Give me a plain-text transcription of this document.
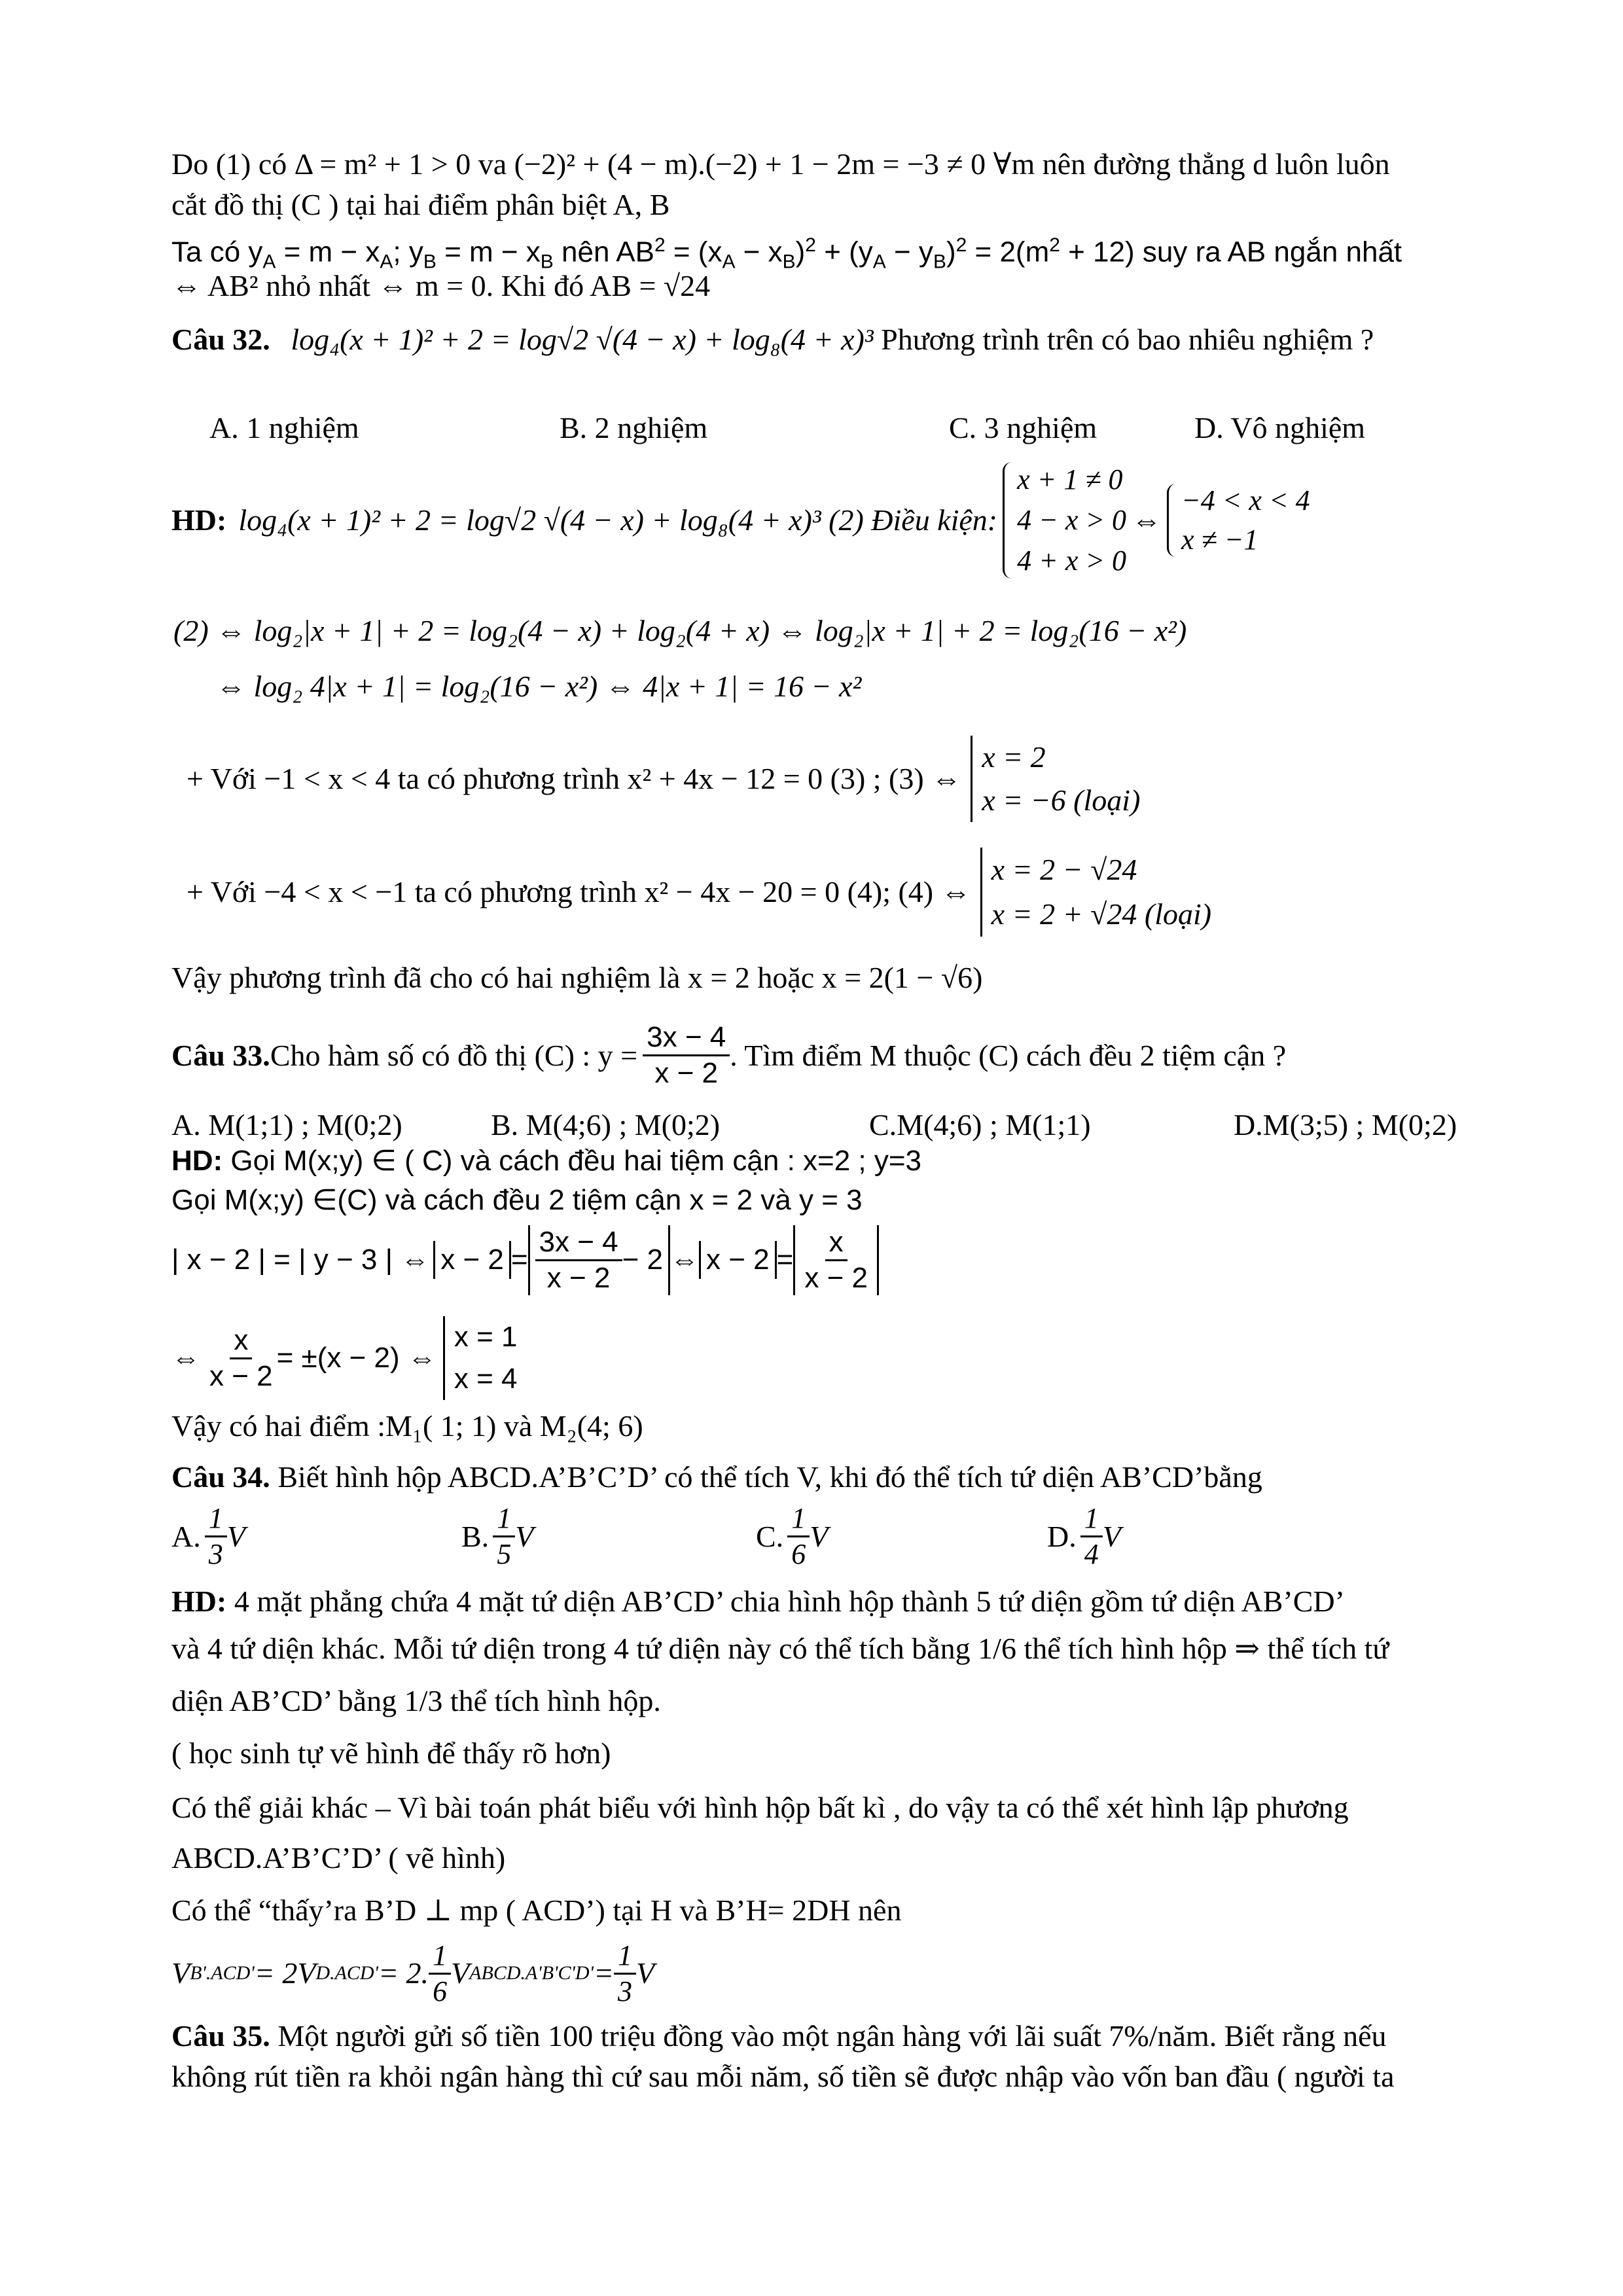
Do (1) có Δ = m² + 1 > 0 va (−2)² + (4 − m).(−2) + 1 − 2m = −3 ≠ 0 ∀m nên đường thẳng d luôn luôn
cắt đồ thị (C ) tại hai điểm phân biệt A, B
Ta có $y_A = m - x_A$; $y_B = m - x_B$ nên $AB^2 = (x_A - x_B)^2 + (y_A - y_B)^2 = 2(m^2 + 12)$ suy ra AB ngắn nhất
⇔ AB² nhỏ nhất ⇔ m = 0. Khi đó AB = √24
Câu 32. log₄(x + 1)² + 2 = log√2 √(4 − x) + log₈(4 + x)³ Phương trình trên có bao nhiêu nghiệm ?
A. 1 nghiệm	B. 2 nghiệm	C. 3 nghiệm	D. Vô nghiệm
HD: log₄(x + 1)² + 2 = log√2 √(4 − x) + log₈(4 + x)³ (2) Điều kiện:
x + 1 ≠ 0
4 − x > 0
4 + x > 0
⇔
−4 < x < 4
x ≠ −1
(2) ⇔ log₂|x + 1| + 2 = log₂(4 − x) + log₂(4 + x) ⇔ log₂|x + 1| + 2 = log₂(16 − x²)
⇔ log₂ 4|x + 1| = log₂(16 − x²) ⇔ 4|x + 1| = 16 − x²
+ Với −1 < x < 4 ta có phương trình x² + 4x − 12 = 0 (3) ; (3) ⇔
x = 2
x = −6 (loại)
+ Với −4 < x < −1 ta có phương trình x² − 4x − 20 = 0 (4); (4) ⇔
x = 2 − √24
x = 2 + √24 (loại)
Vậy phương trình đã cho có hai nghiệm là x = 2 hoặc x = 2(1 − √6)
Câu 33. Cho hàm số có đồ thị (C) : $y = \frac{3x - 4}{x - 2}$ . Tìm điểm M thuộc (C) cách đều 2 tiệm cận ?
A. M(1;1) ; M(0;2)	B. M(4;6) ; M(0;2)	C.M(4;6) ; M(1;1)	D.M(3;5) ; M(0;2)
HD: Gọi M(x;y) ∈ ( C) và cách đều hai tiệm cận : x=2 ; y=3
Gọi M(x;y) ∈(C) và cách đều 2 tiệm cận x = 2 và y = 3
| x − 2 | = | y − 3 | ⇔ $x - 2 = \frac{3x - 4}{x - 2} - 2$ ⇔ $x - 2 = \frac{x}{x - 2}$
⇔ $\frac{x}{x - 2} = \pm(x - 2)$ ⇔
x = 1
x = 4
Vậy có hai điểm :M₁( 1; 1) và M₂(4; 6)
Câu 34. Biết hình hộp ABCD.A’B’C’D’ có thể tích V, khi đó thể tích tứ diện AB’CD’bằng
A. $\frac{1}{3}$ V	B. $\frac{1}{5}$ V	C. $\frac{1}{6}$ V	D. $\frac{1}{4}$ V
HD: 4 mặt phẳng chứa 4 mặt tứ diện AB’CD’ chia hình hộp thành 5 tứ diện gồm tứ diện AB’CD’
và 4 tứ diện khác. Mỗi tứ diện trong 4 tứ diện này có thể tích bằng 1/6 thể tích hình hộp ⇒ thể tích tứ
diện AB’CD’ bằng 1/3 thể tích hình hộp.
( học sinh tự vẽ hình để thấy rõ hơn)
Có thể giải khác – Vì bài toán phát biểu với hình hộp bất kì , do vậy ta có thể xét hình lập phương
ABCD.A’B’C’D’ ( vẽ hình)
Có thể “thấy’ra B’D ⊥ mp ( ACD’) tại H và B’H= 2DH nên
V B'.ACD' = 2V D.ACD' = 2. $\frac{1}{6}$ V ABCD.A'B'C'D' = $\frac{1}{3}$ V
Câu 35. Một người gửi số tiền 100 triệu đồng vào một ngân hàng với lãi suất 7%/năm. Biết rằng nếu
không rút tiền ra khỏi ngân hàng thì cứ sau mỗi năm, số tiền sẽ được nhập vào vốn ban đầu ( người ta
